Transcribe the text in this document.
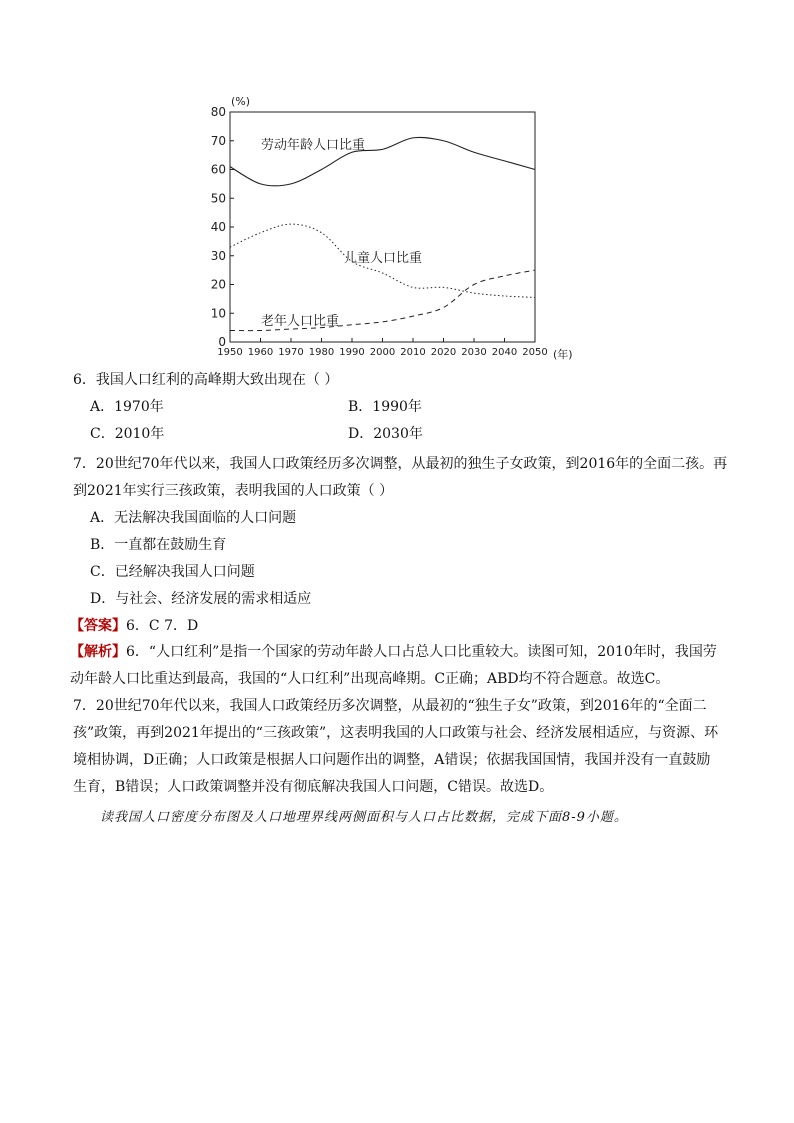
0
10
20
30
40
50
60
70
80
1950 1960 1970 1980 1990 2000 2010 2020 2030 2040 2050
(%)
(年)
劳动年龄人口比重
儿童人口比重
老年人口比重
6．我国人口红利的高峰期大致出现在（ ）
A．1970年	B．1990年
C．2010年	D．2030年
7．20世纪70年代以来，我国人口政策经历多次调整，从最初的独生子女政策，到2016年的全面二孩。再
到2021年实行三孩政策，表明我国的人口政策（ ）
A．无法解决我国面临的人口问题
B．一直都在鼓励生育
C．已经解决我国人口问题
D．与社会、经济发展的需求相适应
【答案】6．C 7．D
【解析】6．“人口红利”是指一个国家的劳动年龄人口占总人口比重较大。读图可知，2010年时，我国劳动年龄人口比重达到最高，我国的“人口红利”出现高峰期。C正确；ABD均不符合题意。故选C。
7．20世纪70年代以来，我国人口政策经历多次调整，从最初的“独生子女”政策，到2016年的“全面二孩”政策，再到2021年提出的“三孩政策”，这表明我国的人口政策与社会、经济发展相适应，与资源、环境相协调，D正确；人口政策是根据人口问题作出的调整，A错误；依据我国国情，我国并没有一直鼓励生育，B错误；人口政策调整并没有彻底解决我国人口问题，C错误。故选D。
读我国人口密度分布图及人口地理界线两侧面积与人口占比数据，完成下面8-9小题。
